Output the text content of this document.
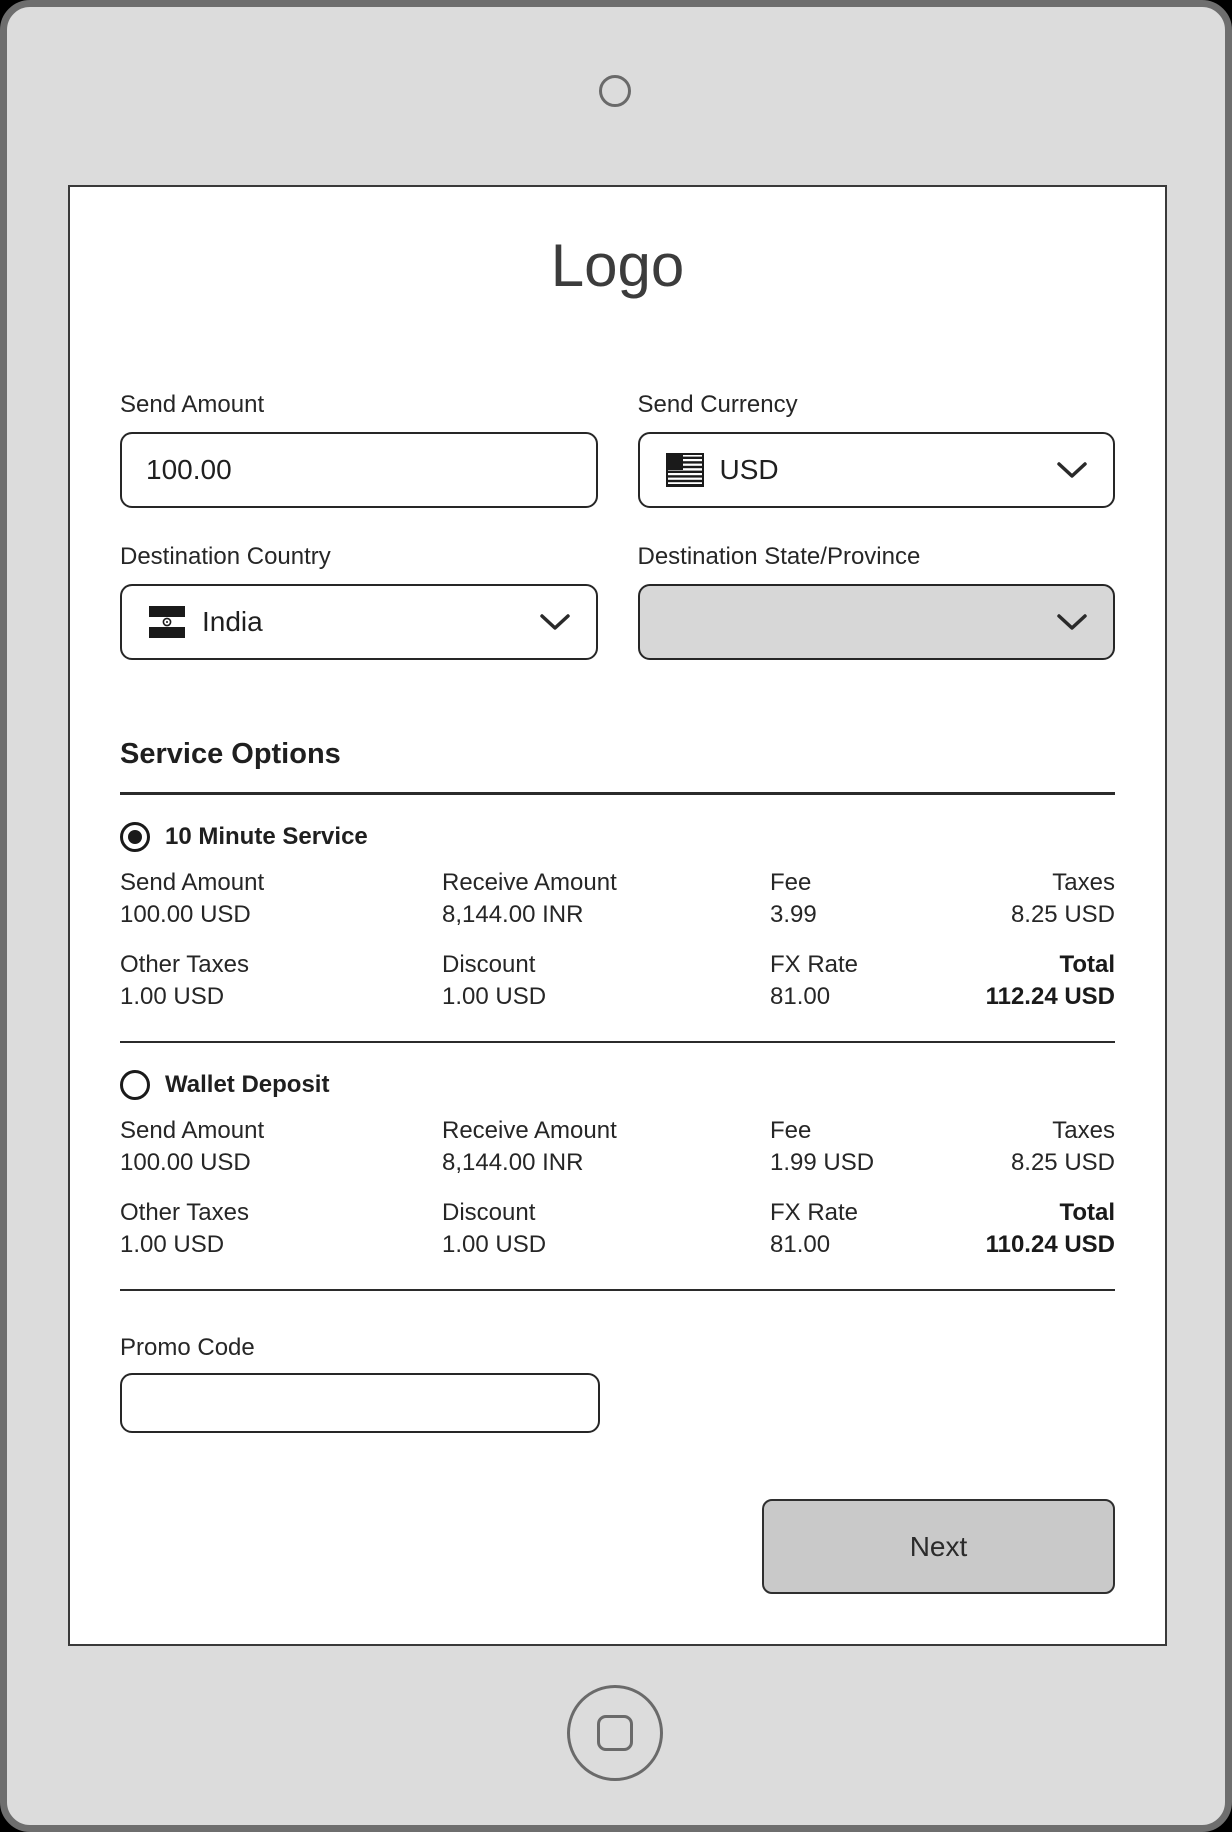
Logo
Send Amount
100.00	Send Currency
USD
Destination Country
India
Destination State/Province
Service Options
10 Minute Service
Send Amount
100.00 USD
Receive Amount
8,144.00 INR
Fee
3.99
Taxes
8.25 USD
Other Taxes
1.00 USD
Discount
1.00 USD
FX Rate
81.00
Total
112.24 USD
Wallet Deposit
Send Amount
100.00 USD
Receive Amount
8,144.00 INR
Fee
1.99 USD
Taxes
8.25 USD
Other Taxes
1.00 USD
Discount
1.00 USD
FX Rate
81.00
Total
110.24 USD
Promo Code
Next
